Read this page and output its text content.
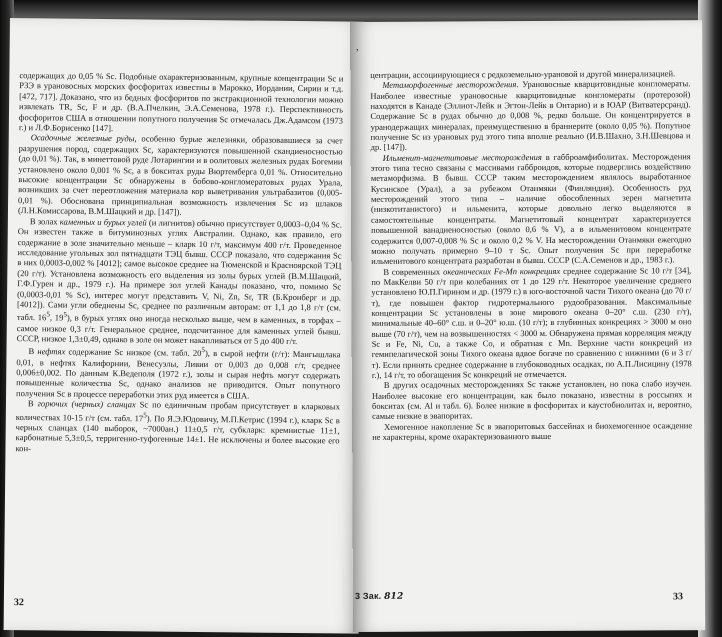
содержащих до 0,05 % Sc. Подобные охарактеризованным, крупные концентрации Sc и РЗЭ в урановосных морских фосфоритах известны в Марокко, Иордании, Сирии и т.д. [472, 717]. Доказано, что из бедных фосфоритов по экстракционной технологии можно извлекать TR, Sc, F и др. (В.А.Пчелкин, Э.А.Семенова, 1978 г.). Перспективность фосфоритов США в отношении попутного получения Sc отмечалась Дж.Адамсом (1973 г.) и Л.Ф.Борисенко [147].

Осадочные железные руды, особенно бурые железняки, образовавшиеся за счет разрушения пород, содержащих Sc, характеризуются повышенной скандиеносностью (до 0,01 %). Так, в минеттовой руде Лотарингии и в оолитовых железных рудах Богемии установлено около 0,001 % Sc, а в бокситах руды Вюртемберга 0,01 %. Относительно высокие концентрации Sc обнаружены в бобово-конгломератовых рудах Урала, возникших за счет переотложения материала кор выветривания ультрабазитов (0,005-0,01 %). Обоснована принципиальная возможность извлечения Sc из шлаков (Л.Н.Комиссарова, В.М.Шацкий и др. [147]).

В золах каменных и бурых углей (и лигнитов) обычно присутствует 0,0003–0,04 % Sc. Он известен также в битуминозных углях Австралии. Однако, как правило, его содержание в золе значительно меньше – кларк 10 г/т, максимум 400 г/т. Проведенное исследование угольных зол пятнадцати ТЭЦ бывш. СССР показало, что содержания Sc в них 0,0003-0,002 % [4012]; самое высокое среднее на Тюменской и Красноярской ТЭЦ (20 г/т). Установлена возможность его выделения из золы бурых углей (В.М.Шацкий, Г.Ф.Гурен и др., 1979 г.). На примере зол углей Канады показано, что, помимо Sc (0,0003-0,01 % Sc), интерес могут представить V, Ni, Zn, Sr, TR (Б.Кронберг и др. [4012]). Сами угли обеднены Sc, среднее по различным авторам: от 1,1 до 1,8 г/т (см. табл. $16^5$, $19^5$), в бурых углях оно иногда несколько выше, чем в каменных, в торфах – самое низкое 0,3 г/т. Генеральное среднее, подсчитанное для каменных углей бывш. СССР, низкое 1,3±0,49, однако в золе он может накапливаться от 5 до 400 г/т.

В нефтях содержание Sc низкое (см. табл. $20^5$), в сырой нефти (г/т): Мангышлака 0,01, в нефтях Калифорнии, Венесуэлы, Ливии от 0,003 до 0,008 г/т, среднее 0,006±0,002. По данным К.Ведеполя (1972 г.), золы и сырая нефть могут содержать повышенные количества Sc, однако анализов не приводится. Опыт попутного получения Sc в процессе переработки этих руд имеется в США.

В горючих (черных) сланцах Sc по единичным пробам присутствует в кларковых количествах 10-15 г/т (см. табл. $17^5$). По Я.Э.Юдовичу, М.П.Кетрис (1994 г.), кларк Sc в черных сланцах (140 выборок, ~7000ан.) 11±0,5 г/т, субкларк: кремнистые 11±1, карбонатные 5,3±0,5, терригенно-туфогенные 14±1. Не исключены и более высокие его кон-

32
,

центрации, ассоциирующиеся с редкоземельно-урановой и другой минерализацией.

Метаморфогенные месторождения. Урановосные кварцитовидные конгломераты. Наиболее известные урановосные кварцитовидные конгломераты (протерозой) находятся в Канаде (Эллиот-Лейк и Эгтон-Лейк в Онтарио) и в ЮАР (Витватерсранд). Содержание Sc в рудах обычно до 0,008 %, редко больше. Он концентрируется в уранодержащих минералах, преимущественно в браннерите (около 0,05 %). Попутное получение Sc из урановых руд этого типа вполне реально (И.В.Шахно, З.Н.Шевцова и др. [147]).

Ильменит-магнетитовые месторождения в габброамфиболитах. Месторождения этого типа тесно связаны с массивами габброидов, которые подверглись воздействию метаморфизма. В бывш. СССР таким месторождением являлось выработанное Кусинское (Урал), а за рубежом Отанмяки (Финляндия). Особенность руд месторождений этого типа – наличие обособленных зерен магнетита (низкотитанистого) и ильменита, которые довольно легко выделяются в самостоятельные концентраты. Магнетитовый концентрат характеризуется повышенной ванадиеносностью (около 0,6 % V), а в ильменитовом концентрате содержится 0,007-0,008 % Sc и около 0,2 % V. На месторождении Отанмяки ежегодно можно получать примерно 9–10 т Sc. Опыт получения Sc при переработке ильменитового концентрата разработан в бывш. СССР (С.А.Семенов и др., 1983 г.).

В современных океанических Fe-Mn конкрециях среднее содержание Sc 10 г/т [34], по МакКелви 50 г/т при колебаниях от 1 до 129 г/т. Некоторое увеличение среднего установлено Ю.П.Гирином и др. (1979 г.) в юго-восточной части Тихого океана (до 70 г/т), где повышен фактор гидротермального рудообразования. Максимальные концентрации Sc установлены в зоне мирового океана 0–20° с.ш. (230 г/т), минимальные 40–60° с.ш. и 0–20° ю.ш. (10 г/т); в глубинных конкрециях > 3000 м оно выше (70 г/т), чем на возвышенностях < 3000 м. Обнаружена прямая корреляция между Sc и Fe, Ni, Cu, а также Co, и обратная с Mn. Верхние части конкреций из гемипелагической зоны Тихого океана вдвое богаче по сравнению с нижними (6 и 3 г/т). Если принять среднее содержание в глубоководных осадках, по А.П.Лисицину (1978 г.), 14 г/т, то обогащения Sc конкреций не отмечается.

В других осадочных месторождениях Sc также установлен, но пока слабо изучен. Наиболее высокие его концентрации, как было показано, известны в россыпях и бокситах (см. Al и табл. 6). Более низкие в фосфоритах и каустобиолитах и, вероятно, самые низкие в эвапоритах.

Хемогенное накопление Sc в эвапоритовых бассейнах и биохемогенное осаждение не характерны, кроме охарактеризованного выше

3 Зак. 812	33
